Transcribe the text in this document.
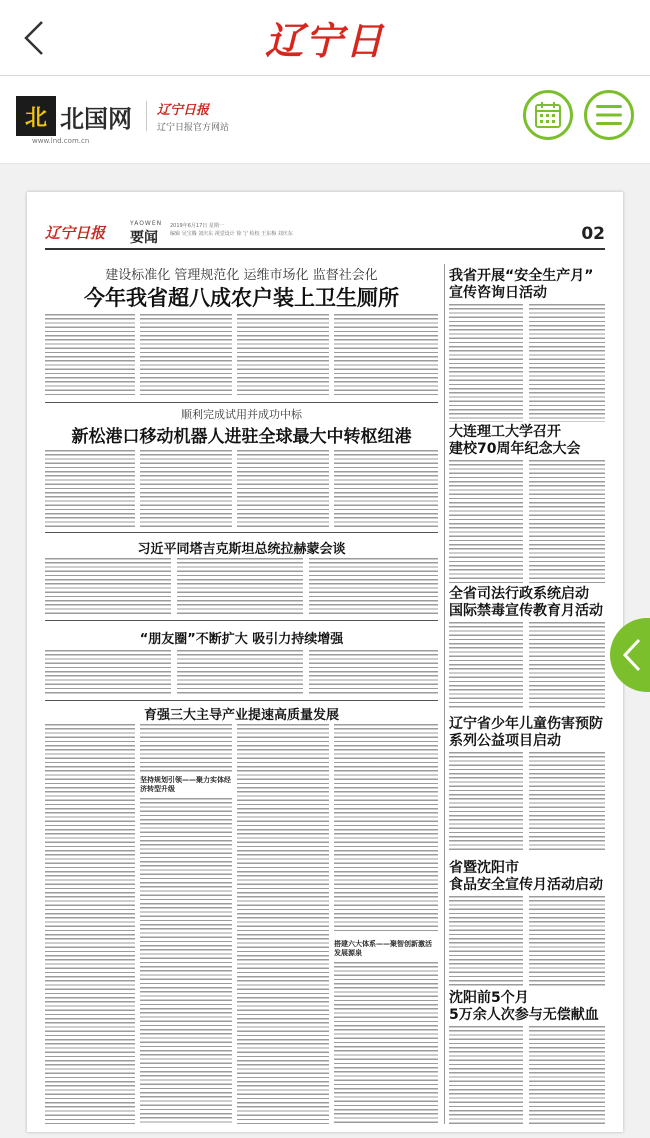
辽宁日
北 北国网
www.lnd.com.cn
辽宁日报
辽宁日报官方网站
辽宁日报
YAOWEN
要闻
2019年6月17日 星期一
编辑 吴宝腾 刘庆东 视觉设计 徐 宁 检校 王东梅 刘庆东	02
建设标准化 管理规范化 运维市场化 监督社会化
今年我省超八成农户装上卫生厕所
顺利完成试用并成功中标
新松港口移动机器人进驻全球最大中转枢纽港
习近平同塔吉克斯坦总统拉赫蒙会谈
“朋友圈”不断扩大 吸引力持续增强
育强三大主导产业提速高质量发展
坚持规划引领——聚力实体经济转型升级
搭建六大体系——聚智创新激活发展源泉
我省开展“安全生产月”
宣传咨询日活动
大连理工大学召开
建校70周年纪念大会
全省司法行政系统启动
国际禁毒宣传教育月活动
辽宁省少年儿童伤害预防
系列公益项目启动
省暨沈阳市
食品安全宣传月活动启动
沈阳前5个月
5万余人次参与无偿献血
